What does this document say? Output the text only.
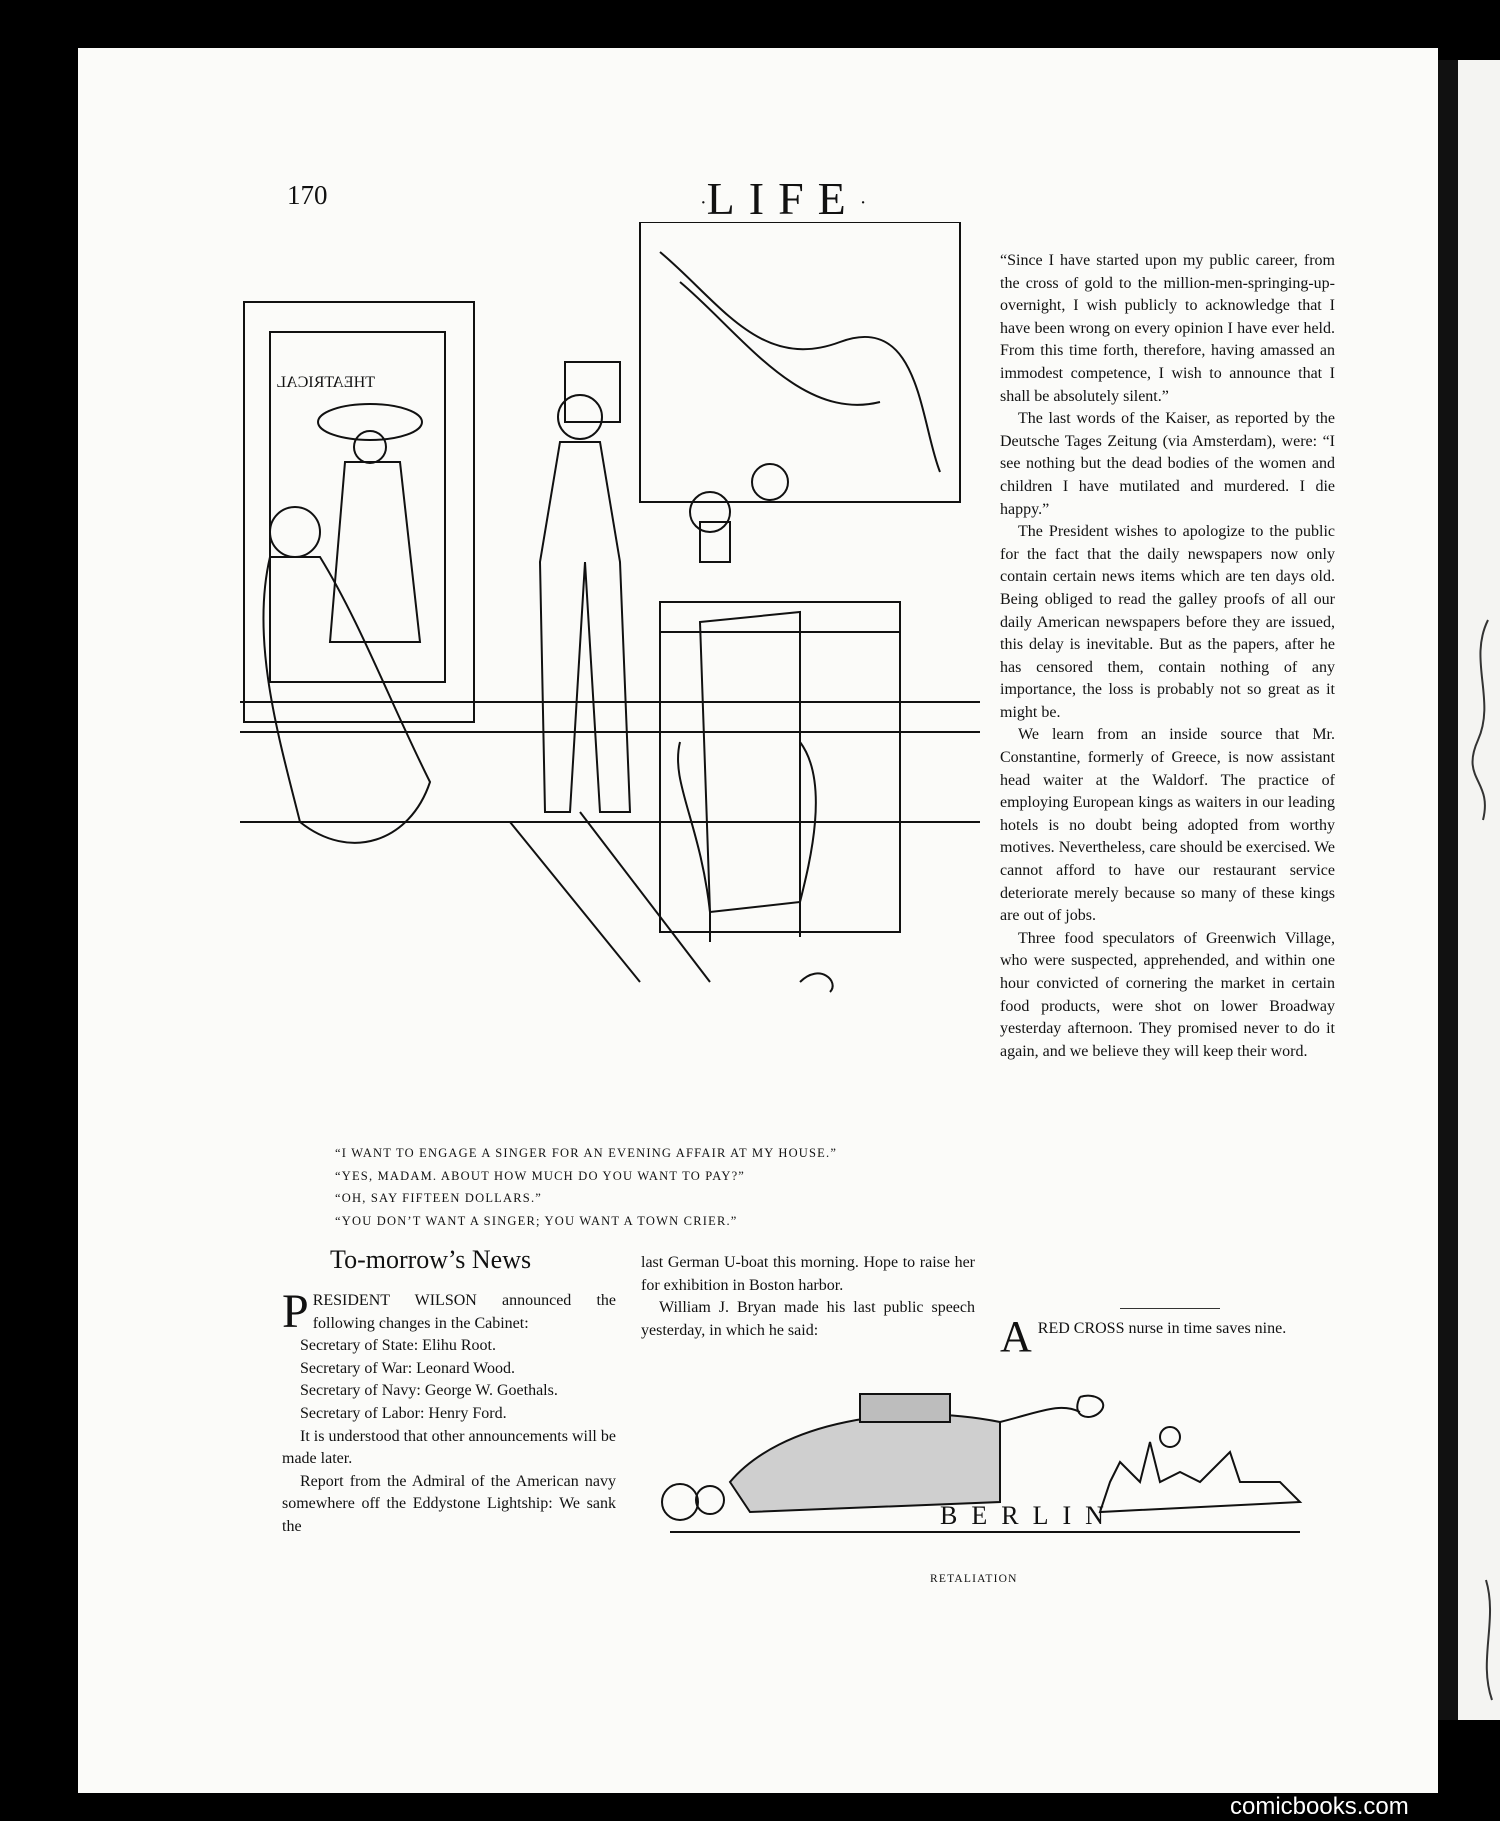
170	·LIFE·
THEATRICAL
“I WANT TO ENGAGE A SINGER FOR AN EVENING AFFAIR AT MY HOUSE.”
“YES, MADAM. ABOUT HOW MUCH DO YOU WANT TO PAY?”
“OH, SAY FIFTEEN DOLLARS.”
“YOU DON’T WANT A SINGER; YOU WANT A TOWN CRIER.”

“Since I have started upon my public career, from the cross of gold to the million-men-springing-up-overnight, I wish publicly to acknowledge that I have been wrong on every opinion I have ever held. From this time forth, therefore, having amassed an immodest competence, I wish to announce that I shall be absolutely silent.”

The last words of the Kaiser, as reported by the Deutsche Tages Zeitung (via Amsterdam), were: “I see nothing but the dead bodies of the women and children I have mutilated and murdered. I die happy.”

The President wishes to apologize to the public for the fact that the daily newspapers now only contain certain news items which are ten days old. Being obliged to read the galley proofs of all our daily American newspapers before they are issued, this delay is inevitable. But as the papers, after he has censored them, contain nothing of any importance, the loss is probably not so great as it might be.

We learn from an inside source that Mr. Constantine, formerly of Greece, is now assistant head waiter at the Waldorf. The practice of employing European kings as waiters in our leading hotels is no doubt being adopted from worthy motives. Nevertheless, care should be exercised. We cannot afford to have our restaurant service deteriorate merely because so many of these kings are out of jobs.

Three food speculators of Greenwich Village, who were suspected, apprehended, and within one hour convicted of cornering the market in certain food products, were shot on lower Broadway yesterday afternoon. They promised never to do it again, and we believe they will keep their word.

ARED CROSS nurse in time saves nine.
To-morrow’s News

PRESIDENT WILSON announced the following changes in the Cabinet:

Secretary of State: Elihu Root.

Secretary of War: Leonard Wood.

Secretary of Navy: George W. Goethals.

Secretary of Labor: Henry Ford.

It is understood that other announcements will be made later.

Report from the Admiral of the American navy somewhere off the Eddystone Lightship: We sank the

last German U-boat this morning. Hope to raise her for exhibition in Boston harbor.

William J. Bryan made his last public speech yesterday, in which he said:

BERLIN
RETALIATION
comicbooks.com
